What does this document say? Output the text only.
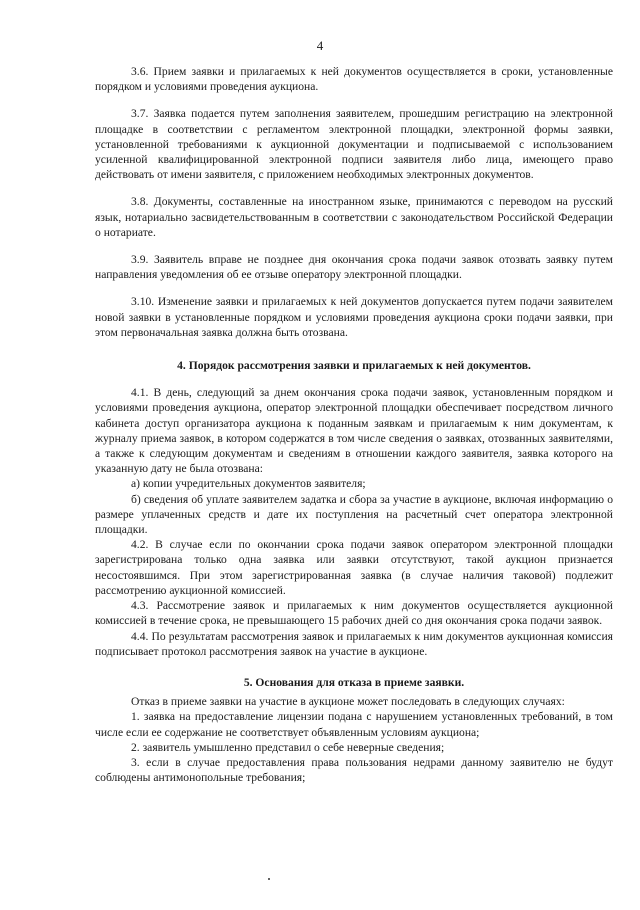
4

3.6. Прием заявки и прилагаемых к ней документов осуществляется в сроки, установленные порядком и условиями проведения аукциона.

3.7. Заявка подается путем заполнения заявителем, прошедшим регистрацию на электронной площадке в соответствии с регламентом электронной площадки, электронной формы заявки, установленной требованиями к аукционной документации и подписываемой с использованием усиленной квалифицированной электронной подписи заявителя либо лица, имеющего право действовать от имени заявителя, с приложением необходимых электронных документов.

3.8. Документы, составленные на иностранном языке, принимаются с переводом на русский язык, нотариально засвидетельствованным в соответствии с законодательством Российской Федерации о нотариате.

3.9. Заявитель вправе не позднее дня окончания срока подачи заявок отозвать заявку путем направления уведомления об ее отзыве оператору электронной площадки.

3.10. Изменение заявки и прилагаемых к ней документов допускается путем подачи заявителем новой заявки в установленные порядком и условиями проведения аукциона сроки подачи заявки, при этом первоначальная заявка должна быть отозвана.

4. Порядок рассмотрения заявки и прилагаемых к ней документов.

4.1. В день, следующий за днем окончания срока подачи заявок, установленным порядком и условиями проведения аукциона, оператор электронной площадки обеспечивает посредством личного кабинета доступ организатора аукциона к поданным заявкам и прилагаемым к ним документам, к журналу приема заявок, в котором содержатся в том числе сведения о заявках, отозванных заявителями, а также к следующим документам и сведениям в отношении каждого заявителя, заявка которого на указанную дату не была отозвана:

а) копии учредительных документов заявителя;

б) сведения об уплате заявителем задатка и сбора за участие в аукционе, включая информацию о размере уплаченных средств и дате их поступления на расчетный счет оператора электронной площадки.

4.2. В случае если по окончании срока подачи заявок оператором электронной площадки зарегистрирована только одна заявка или заявки отсутствуют, такой аукцион признается несостоявшимся. При этом зарегистрированная заявка (в случае наличия таковой) подлежит рассмотрению аукционной комиссией.

4.3. Рассмотрение заявок и прилагаемых к ним документов осуществляется аукционной комиссией в течение срока, не превышающего 15 рабочих дней со дня окончания срока подачи заявок.

4.4. По результатам рассмотрения заявок и прилагаемых к ним документов аукционная комиссия подписывает протокол рассмотрения заявок на участие в аукционе.

5. Основания для отказа в приеме заявки.

Отказ в приеме заявки на участие в аукционе может последовать в следующих случаях:

1. заявка на предоставление лицензии подана с нарушением установленных требований, в том числе если ее содержание не соответствует объявленным условиям аукциона;

2. заявитель умышленно представил о себе неверные сведения;

3. если в случае предоставления права пользования недрами данному заявителю не будут соблюдены антимонопольные требования;
